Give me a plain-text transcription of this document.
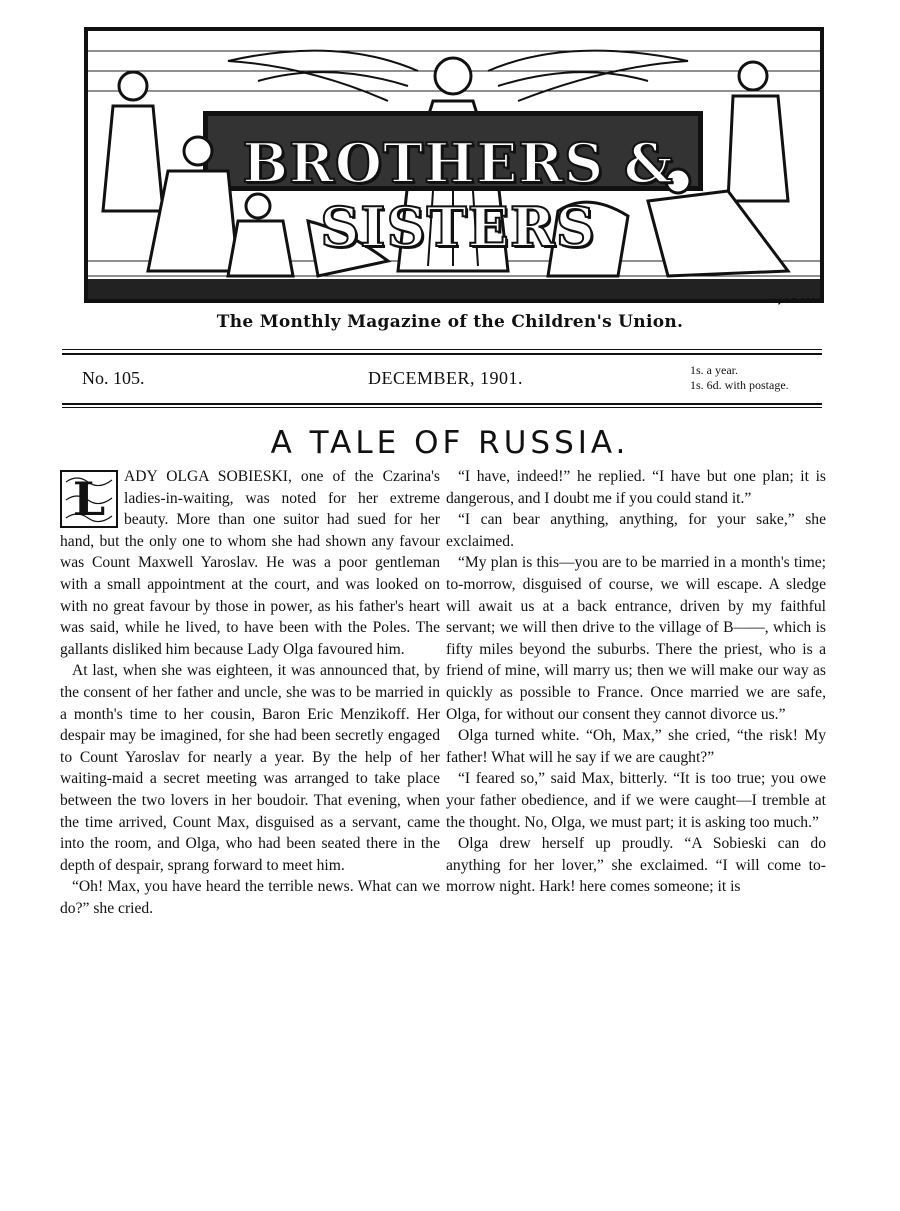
BROTHERS & SISTERS
H.J.A.F. 1894
The Monthly Magazine of the Children's Union.
No. 105.	DECEMBER, 1901.	1s. a year.
1s. 6d. with postage.
A TALE OF RUSSIA.

L	ADY OLGA SOBIESKI, one of the Czarina's ladies-in-waiting, was noted for her extreme beauty. More than one suitor had sued for her hand, but the only one to whom she had shown any favour was Count Maxwell Yaroslav. He was a poor gentleman with a small appointment at the court, and was looked on with no great favour by those in power, as his father's heart was said, while he lived, to have been with the Poles. The gallants disliked him because Lady Olga favoured him.

At last, when she was eighteen, it was announced that, by the consent of her father and uncle, she was to be married in a month's time to her cousin, Baron Eric Menzikoff. Her despair may be imagined, for she had been secretly engaged to Count Yaroslav for nearly a year. By the help of her waiting-maid a secret meeting was arranged to take place between the two lovers in her boudoir. That evening, when the time arrived, Count Max, disguised as a servant, came into the room, and Olga, who had been seated there in the depth of despair, sprang forward to meet him.

“Oh! Max, you have heard the terrible news. What can we do?” she cried.

“I have, indeed!” he replied. “I have but one plan; it is dangerous, and I doubt me if you could stand it.”

“I can bear anything, anything, for your sake,” she exclaimed.

“My plan is this—you are to be married in a month's time; to-morrow, disguised of course, we will escape. A sledge will await us at a back entrance, driven by my faithful servant; we will then drive to the village of B——, which is fifty miles beyond the suburbs. There the priest, who is a friend of mine, will marry us; then we will make our way as quickly as possible to France. Once married we are safe, Olga, for without our consent they cannot divorce us.”

Olga turned white. “Oh, Max,” she cried, “the risk! My father! What will he say if we are caught?”

“I feared so,” said Max, bitterly. “It is too true; you owe your father obedience, and if we were caught—I tremble at the thought. No, Olga, we must part; it is asking too much.”

Olga drew herself up proudly. “A Sobieski can do anything for her lover,” she exclaimed. “I will come to-morrow night. Hark! here comes someone; it is
